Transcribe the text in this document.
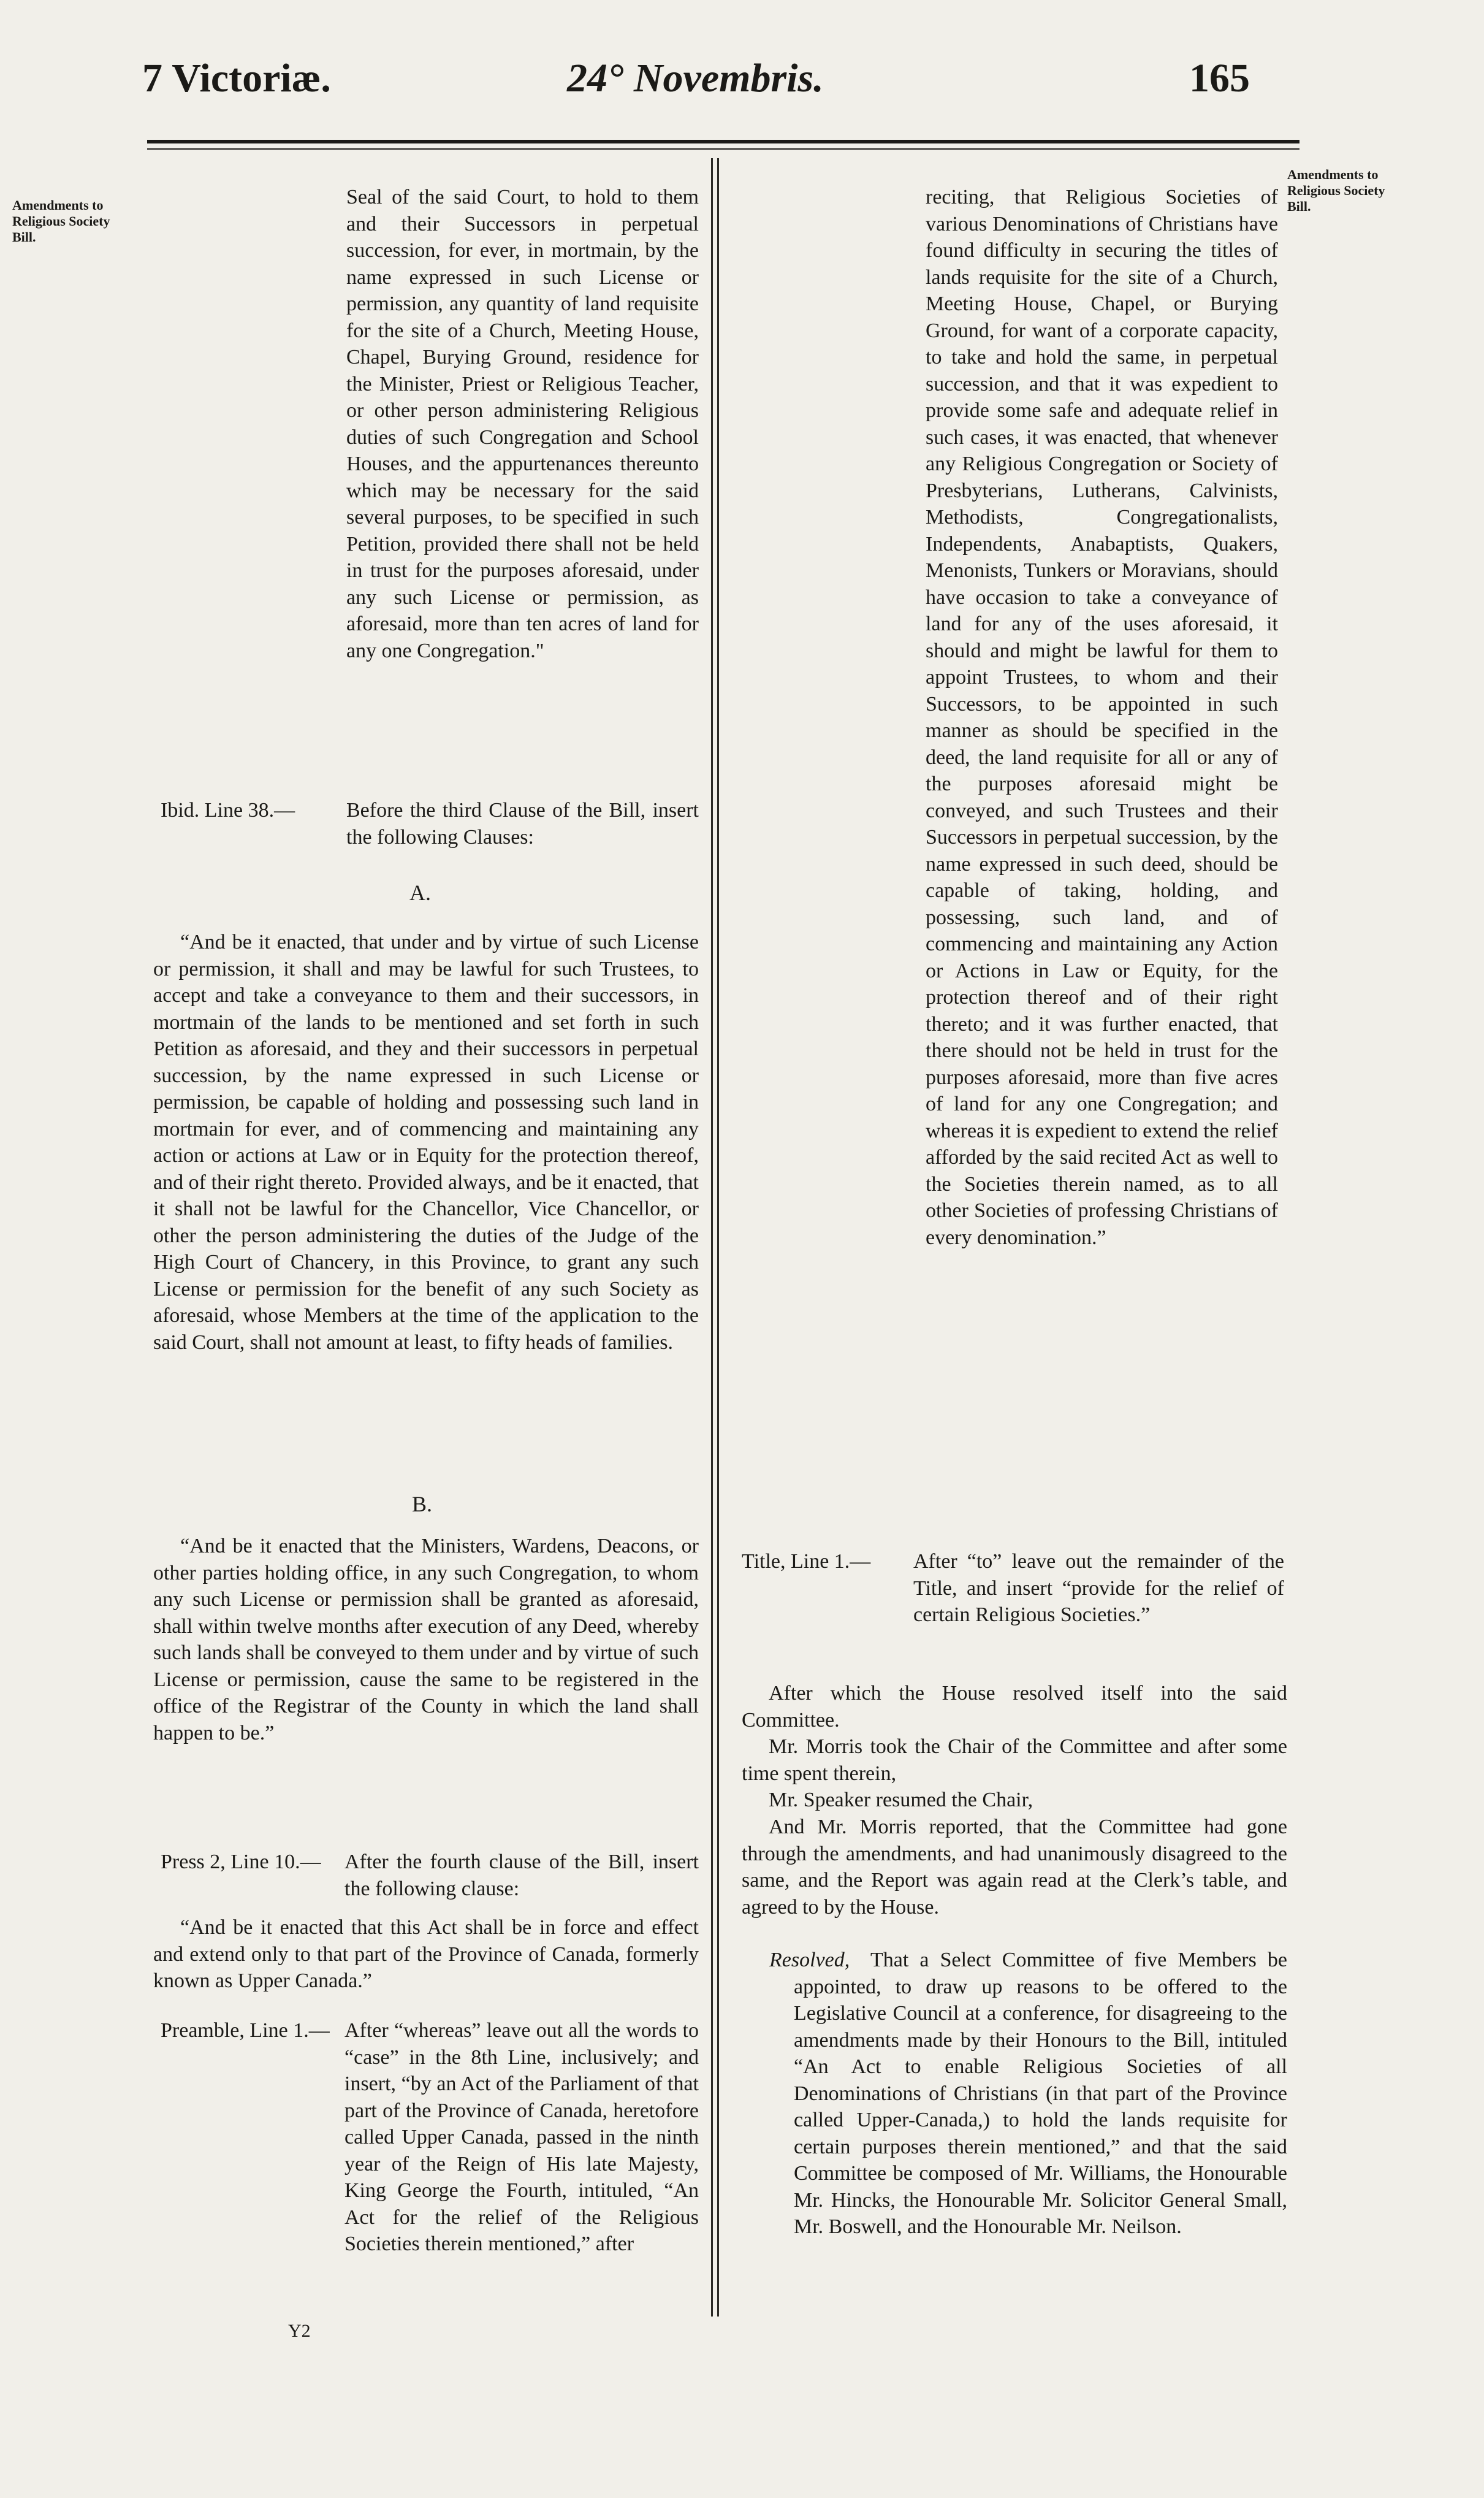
7 Victoriæ.	24° Novembris.	165
Amendments to Religious Society Bill.
Amendments to Religious Society Bill.
Seal of the said Court, to hold to them and their Successors in perpetual succession, for ever, in mortmain, by the name expressed in such License or permission, any quantity of land requisite for the site of a Church, Meeting House, Chapel, Burying Ground, residence for the Minister, Priest or Religious Teacher, or other person administering Religious duties of such Congregation and School Houses, and the appurtenances thereunto which may be necessary for the said several purposes, to be specified in such Petition, provided there shall not be held in trust for the purposes aforesaid, under any such License or permission, as aforesaid, more than ten acres of land for any one Congregation."
Ibid. Line 38.— Before the third Clause of the Bill, insert the following Clauses:
A.
“And be it enacted, that under and by virtue of such License or permission, it shall and may be lawful for such Trustees, to accept and take a conveyance to them and their successors, in mortmain of the lands to be mentioned and set forth in such Petition as aforesaid, and they and their successors in perpetual succession, by the name expressed in such License or permission, be capable of holding and possessing such land in mortmain for ever, and of commencing and maintaining any action or actions at Law or in Equity for the protection thereof, and of their right thereto. Provided always, and be it enacted, that it shall not be lawful for the Chancellor, Vice Chancellor, or other the person administering the duties of the Judge of the High Court of Chancery, in this Province, to grant any such License or permission for the benefit of any such Society as aforesaid, whose Members at the time of the application to the said Court, shall not amount at least, to fifty heads of families.
B.
“And be it enacted that the Ministers, Wardens, Deacons, or other parties holding office, in any such Congregation, to whom any such License or permission shall be granted as aforesaid, shall within twelve months after execution of any Deed, whereby such lands shall be conveyed to them under and by virtue of such License or permission, cause the same to be registered in the office of the Registrar of the County in which the land shall happen to be.”
Press 2, Line 10.— After the fourth clause of the Bill, insert the following clause:
“And be it enacted that this Act shall be in force and effect and extend only to that part of the Province of Canada, formerly known as Upper Canada.”
Preamble, Line 1.— After “whereas” leave out all the words to “case” in the 8th Line, inclusively; and insert, “by an Act of the Parliament of that part of the Province of Canada, heretofore called Upper Canada, passed in the ninth year of the Reign of His late Majesty, King George the Fourth, intituled, “An Act for the relief of the Religious Societies therein mentioned,” after
reciting, that Religious Societies of various Denominations of Christians have found difficulty in securing the titles of lands requisite for the site of a Church, Meeting House, Chapel, or Burying Ground, for want of a corporate capacity, to take and hold the same, in perpetual succession, and that it was expedient to provide some safe and adequate relief in such cases, it was enacted, that whenever any Religious Congregation or Society of Presbyterians, Lutherans, Calvinists, Methodists, Congregationalists, Independents, Anabaptists, Quakers, Menonists, Tunkers or Moravians, should have occasion to take a conveyance of land for any of the uses aforesaid, it should and might be lawful for them to appoint Trustees, to whom and their Successors, to be appointed in such manner as should be specified in the deed, the land requisite for all or any of the purposes aforesaid might be conveyed, and such Trustees and their Successors in perpetual succession, by the name expressed in such deed, should be capable of taking, holding, and possessing, such land, and of commencing and maintaining any Action or Actions in Law or Equity, for the protection thereof and of their right thereto; and it was further enacted, that there should not be held in trust for the purposes aforesaid, more than five acres of land for any one Congregation; and whereas it is expedient to extend the relief afforded by the said recited Act as well to the Societies therein named, as to all other Societies of professing Christians of every denomination.”
Title, Line 1.— After “to” leave out the remainder of the Title, and insert “provide for the relief of certain Religious Societies.”
After which the House resolved itself into the said Committee.
Mr. Morris took the Chair of the Committee and after some time spent therein,
Mr. Speaker resumed the Chair,
And Mr. Morris reported, that the Committee had gone through the amendments, and had unanimously disagreed to the same, and the Report was again read at the Clerk’s table, and agreed to by the House.
Resolved, That a Select Committee of five Members be appointed, to draw up reasons to be offered to the Legislative Council at a conference, for disagreeing to the amendments made by their Honours to the Bill, intituled “An Act to enable Religious Societies of all Denominations of Christians (in that part of the Province called Upper-Canada,) to hold the lands requisite for certain purposes therein mentioned,” and that the said Committee be composed of Mr. Williams, the Honourable Mr. Hincks, the Honourable Mr. Solicitor General Small, Mr. Boswell, and the Honourable Mr. Neilson.
Y2
